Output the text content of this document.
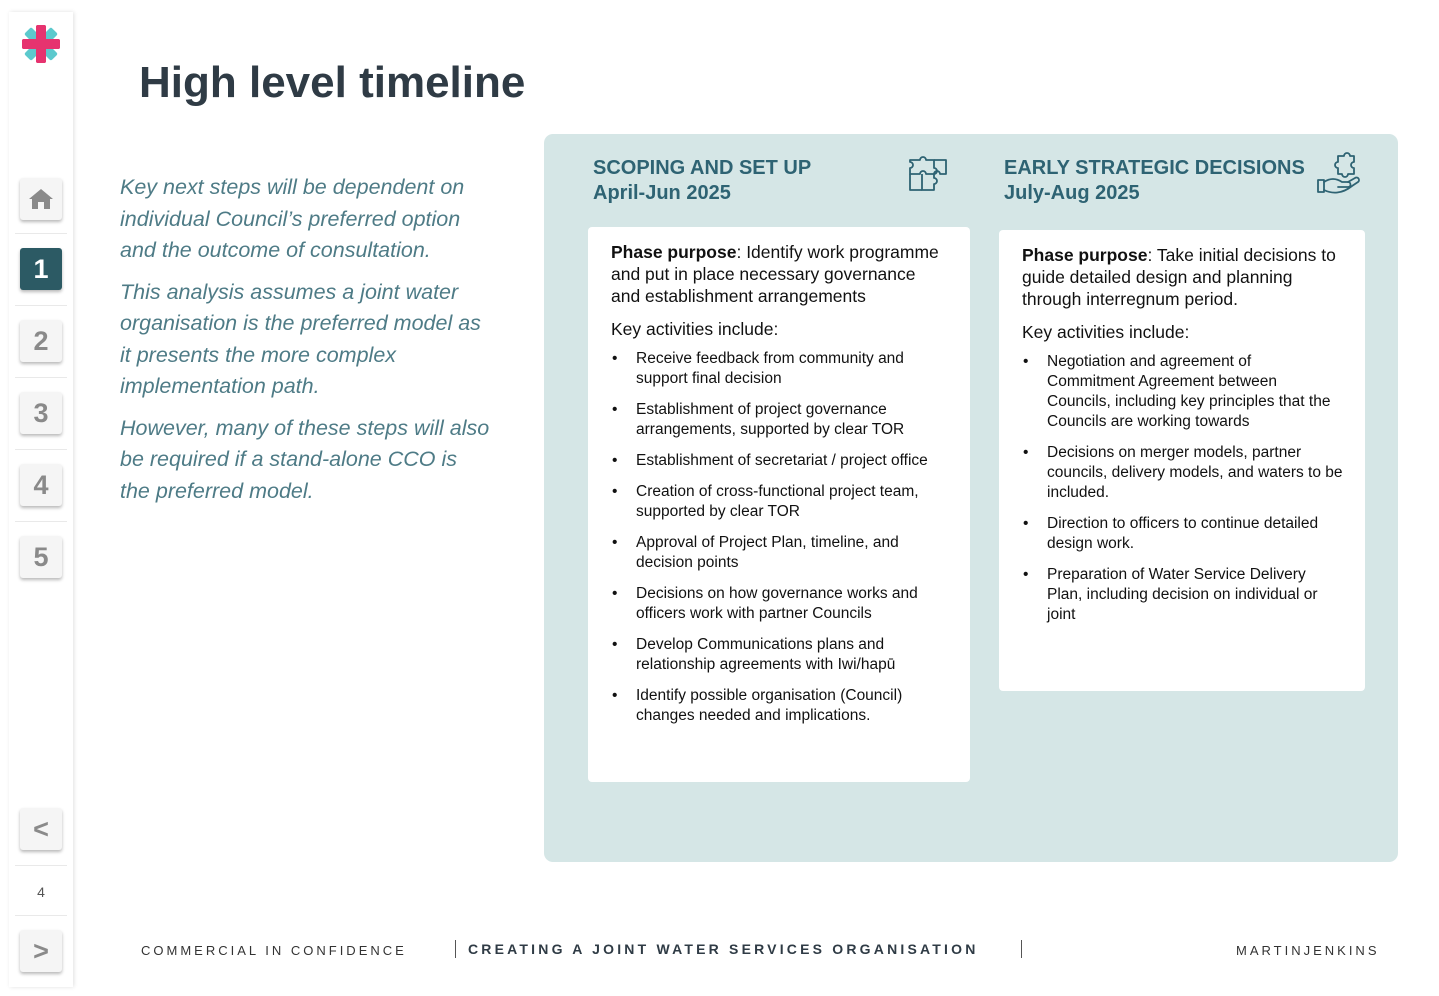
1
2
3
4
5
<
4
>
High level timeline

Key next steps will be dependent on individual Council’s preferred option and the outcome of consultation.

This analysis assumes a joint water organisation is the preferred model as it presents the more complex implementation path.

However, many of these steps will also be required if a stand-alone CCO is the preferred model.

SCOPING AND SET UP
April-Jun 2025
EARLY STRATEGIC DECISIONS
July-Aug 2025

Phase purpose: Identify work programme and put in place necessary governance and establishment arrangements

Key activities include:

• Receive feedback from community and support final decision
• Establishment of project governance arrangements, supported by clear TOR
• Establishment of secretariat / project office
• Creation of cross-functional project team, supported by clear TOR
• Approval of Project Plan, timeline, and decision points
• Decisions on how governance works and officers work with partner Councils
• Develop Communications plans and relationship agreements with Iwi/hapū
• Identify possible organisation (Council) changes needed and implications.

Phase purpose: Take initial decisions to guide detailed design and planning through interregnum period.

Key activities include:

• Negotiation and agreement of Commitment Agreement between Councils, including key principles that the Councils are working towards
• Decisions on merger models, partner councils, delivery models, and waters to be included.
• Direction to officers to continue detailed design work.
• Preparation of Water Service Delivery Plan, including decision on individual or joint
COMMERCIAL IN CONFIDENCE	CREATING A JOINT WATER SERVICES ORGANISATION	MARTINJENKINS
